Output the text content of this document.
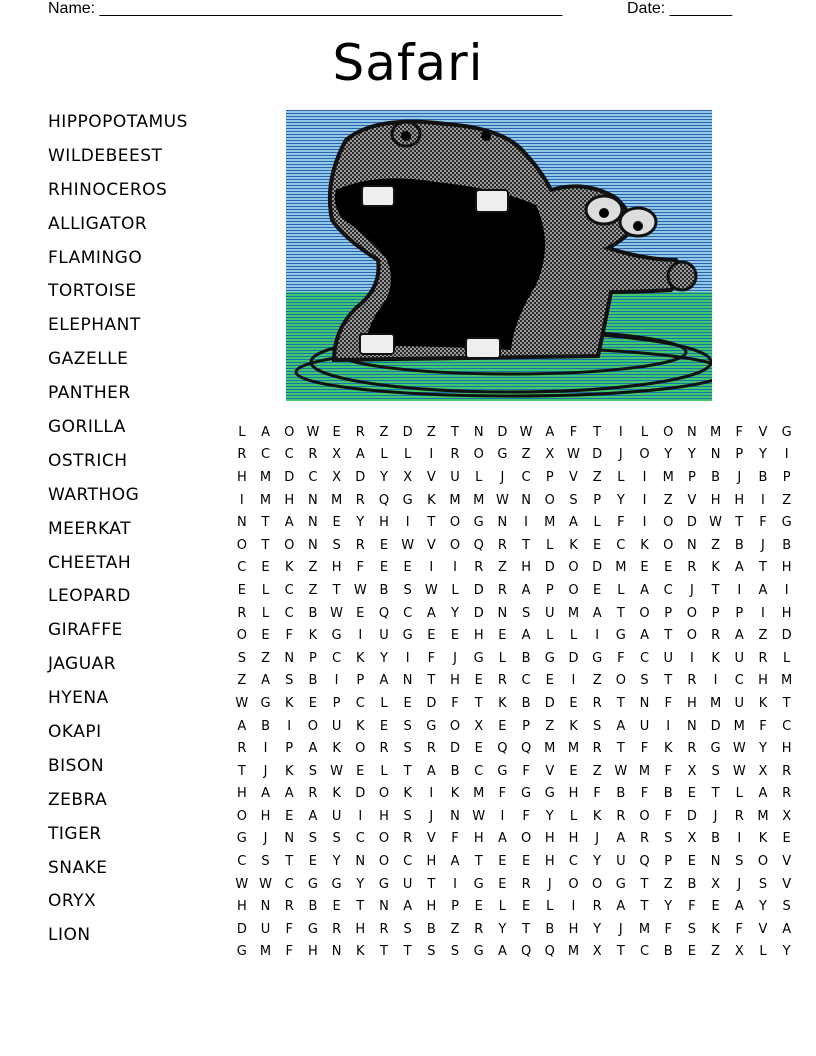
Name: ____________________________________________________	Date: _______
Safari
HIPPOPOTAMUS
WILDEBEEST
RHINOCEROS
ALLIGATOR
FLAMINGO
TORTOISE
ELEPHANT
GAZELLE
PANTHER
GORILLA
OSTRICH
WARTHOG
MEERKAT
CHEETAH
LEOPARD
GIRAFFE
JAGUAR
HYENA
OKAPI
BISON
ZEBRA
TIGER
SNAKE
ORYX
LION
L	A	O	W	E	R	Z	D	Z	T	N	D	W	A	F	T	I	L	O	N	M	F	V	G
R	C	C	R	X	A	L	L	I	R	O	G	Z	X	W	D	J	O	Y	Y	N	P	Y	I
H	M	D	C	X	D	Y	X	V	U	L	J	C	P	V	Z	L	I	M	P	B	J	B	P
I	M	H	N	M	R	Q	G	K	M	M	W	N	O	S	P	Y	I	Z	V	H	H	I	Z
N	T	A	N	E	Y	H	I	T	O	G	N	I	M	A	L	F	I	O	D	W	T	F	G
O	T	O	N	S	R	E	W	V	O	Q	R	T	L	K	E	C	K	O	N	Z	B	J	B
C	E	K	Z	H	F	E	E	I	I	R	Z	H	D	O	D	M	E	E	R	K	A	T	H
E	L	C	Z	T	W	B	S	W	L	D	R	A	P	O	E	L	A	C	J	T	I	A	I
R	L	C	B	W	E	Q	C	A	Y	D	N	S	U	M	A	T	O	P	O	P	P	I	H
O	E	F	K	G	I	U	G	E	E	H	E	A	L	L	I	G	A	T	O	R	A	Z	D
S	Z	N	P	C	K	Y	I	F	J	G	L	B	G	D	G	F	C	U	I	K	U	R	L
Z	A	S	B	I	P	A	N	T	H	E	R	C	E	I	Z	O	S	T	R	I	C	H	M
W	G	K	E	P	C	L	E	D	F	T	K	B	D	E	R	T	N	F	H	M	U	K	T
A	B	I	O	U	K	E	S	G	O	X	E	P	Z	K	S	A	U	I	N	D	M	F	C
R	I	P	A	K	O	R	S	R	D	E	Q	Q	M	M	R	T	F	K	R	G	W	Y	H
T	J	K	S	W	E	L	T	A	B	C	G	F	V	E	Z	W	M	F	X	S	W	X	R
H	A	A	R	K	D	O	K	I	K	M	F	G	G	H	F	B	F	B	E	T	L	A	R
O	H	E	A	U	I	H	S	J	N	W	I	F	Y	L	K	R	O	F	D	J	R	M	X
G	J	N	S	S	C	O	R	V	F	H	A	O	H	H	J	A	R	S	X	B	I	K	E
C	S	T	E	Y	N	O	C	H	A	T	E	E	H	C	Y	U	Q	P	E	N	S	O	V
W	W	C	G	G	Y	G	U	T	I	G	E	R	J	O	O	G	T	Z	B	X	J	S	V
H	N	R	B	E	T	N	A	H	P	E	L	E	L	I	R	A	T	Y	F	E	A	Y	S
D	U	F	G	R	H	R	S	B	Z	R	Y	T	B	H	Y	J	M	F	S	K	F	V	A
G	M	F	H	N	K	T	T	S	S	G	A	Q	Q	M	X	T	C	B	E	Z	X	L	Y
